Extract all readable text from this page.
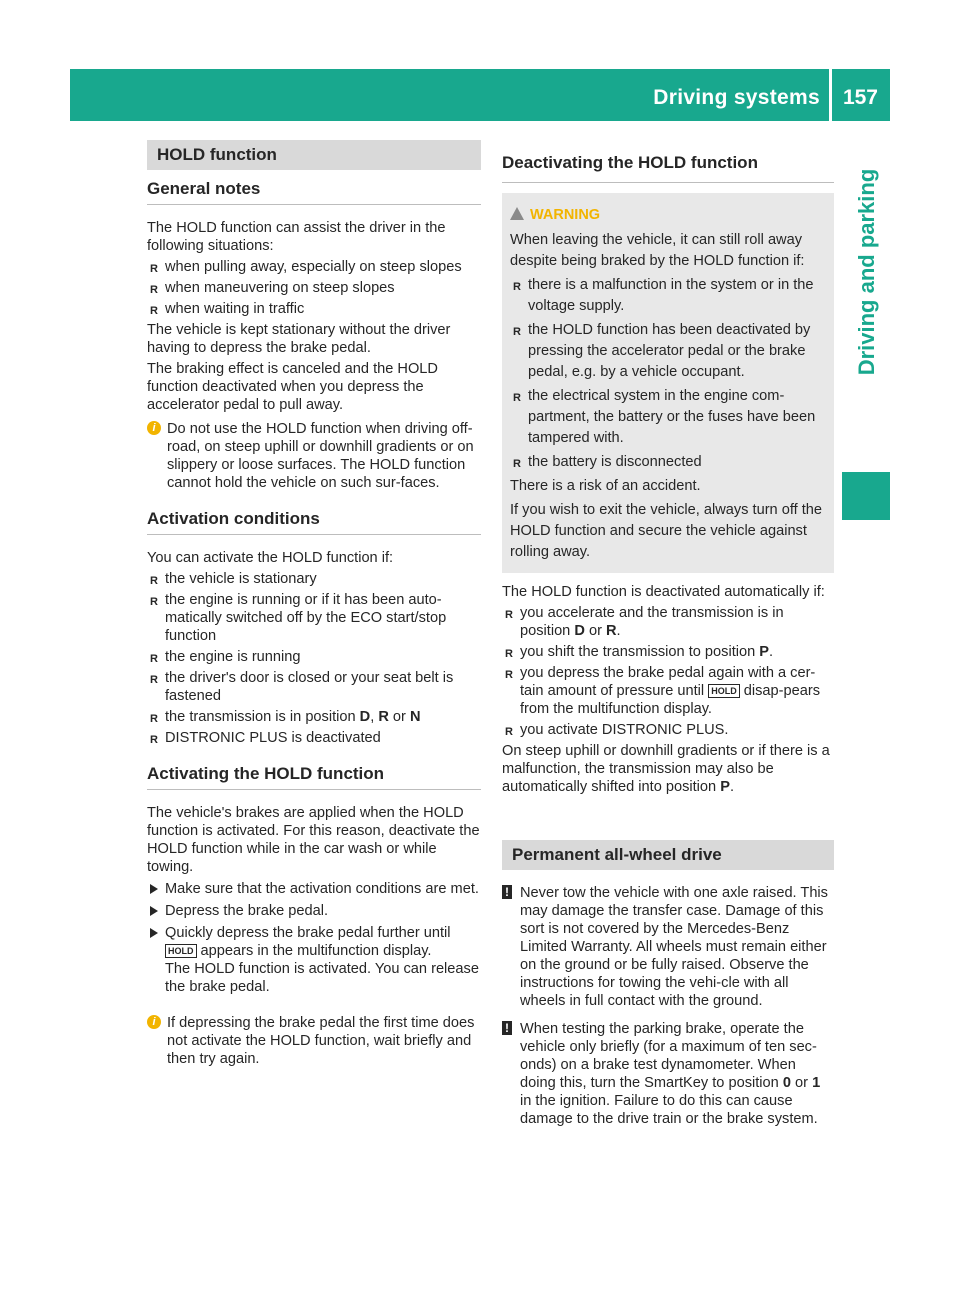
Driving systems 157
Driving and parking
HOLD function
General notes

The HOLD function can assist the driver in the following situations:

R when pulling away, especially on steep slopes
R when maneuvering on steep slopes
R when waiting in traffic

The vehicle is kept stationary without the driver having to depress the brake pedal.

The braking effect is canceled and the HOLD function deactivated when you depress the accelerator pedal to pull away.

i Do not use the HOLD function when driving off-road, on steep uphill or downhill gradients or on slippery or loose surfaces. The HOLD function cannot hold the vehicle on such sur-faces.
Activation conditions

You can activate the HOLD function if:

R the vehicle is stationary
R the engine is running or if it has been auto-matically switched off by the ECO start/stop function
R the engine is running
R the driver's door is closed or your seat belt is fastened
R the transmission is in position D, R or N
R DISTRONIC PLUS is deactivated
Activating the HOLD function

The vehicle's brakes are applied when the HOLD function is activated. For this reason, deactivate the HOLD function while in the car wash or while towing.

Make sure that the activation conditions are met.
Depress the brake pedal.
Quickly depress the brake pedal further until
HOLD appears in the multifunction display.
The HOLD function is activated. You can release the brake pedal.
i If depressing the brake pedal the first time does not activate the HOLD function, wait briefly and then try again.
Deactivating the HOLD function
WARNING

When leaving the vehicle, it can still roll away despite being braked by the HOLD function if:

R there is a malfunction in the system or in the voltage supply.
R the HOLD function has been deactivated by pressing the accelerator pedal or the brake pedal, e.g. by a vehicle occupant.
R the electrical system in the engine com-partment, the battery or the fuses have been tampered with.
R the battery is disconnected

There is a risk of an accident.

If you wish to exit the vehicle, always turn off the HOLD function and secure the vehicle against rolling away.

The HOLD function is deactivated automatically if:

R you accelerate and the transmission is in position D or R.
R you shift the transmission to position P.
R you depress the brake pedal again with a cer-tain amount of pressure until HOLD disap-pears from the multifunction display.
R you activate DISTRONIC PLUS.

On steep uphill or downhill gradients or if there is a malfunction, the transmission may also be automatically shifted into position P.

Permanent all-wheel drive
! Never tow the vehicle with one axle raised. This may damage the transfer case. Damage of this sort is not covered by the Mercedes-Benz Limited Warranty. All wheels must remain either on the ground or be fully raised. Observe the instructions for towing the vehi-cle with all wheels in full contact with the ground.
! When testing the parking brake, operate the vehicle only briefly (for a maximum of ten sec-onds) on a brake test dynamometer. When doing this, turn the SmartKey to position 0 or 1 in the ignition. Failure to do this can cause damage to the drive train or the brake system.
